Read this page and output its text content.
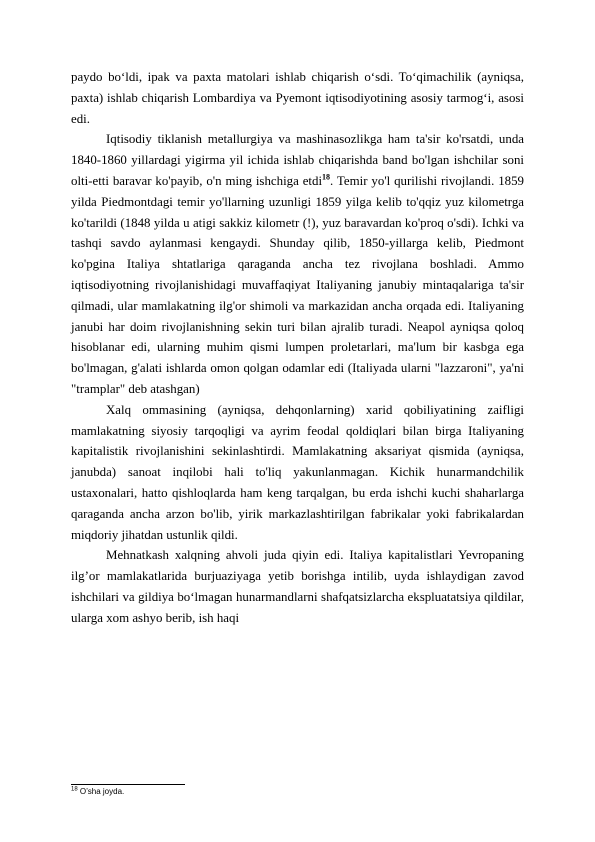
paydo boʻldi, ipak va paxta matolari ishlab chiqarish oʻsdi. Toʻqimachilik (ayniqsa, paxta) ishlab chiqarish Lombardiya va Pyemont iqtisodiyotining asosiy tarmogʻi, asosi edi.

Iqtisodiy tiklanish metallurgiya va mashinasozlikga ham ta'sir ko'rsatdi, unda 1840-1860 yillardagi yigirma yil ichida ishlab chiqarishda band bo'lgan ishchilar soni olti-etti baravar ko'payib, o'n ming ishchiga etdi$^{18}$. Temir yo'l qurilishi rivojlandi. 1859 yilda Piedmontdagi temir yo'llarning uzunligi 1859 yilga kelib to'qqiz yuz kilometrga ko'tarildi (1848 yilda u atigi sakkiz kilometr (!), yuz baravardan ko'proq o'sdi). Ichki va tashqi savdo aylanmasi kengaydi. Shunday qilib, 1850-yillarga kelib, Piedmont ko'pgina Italiya shtatlariga qaraganda ancha tez rivojlana boshladi. Ammo iqtisodiyotning rivojlanishidagi muvaffaqiyat Italiyaning janubiy mintaqalariga ta'sir qilmadi, ular mamlakatning ilg'or shimoli va markazidan ancha orqada edi. Italiyaning janubi har doim rivojlanishning sekin turi bilan ajralib turadi. Neapol ayniqsa qoloq hisoblanar edi, ularning muhim qismi lumpen proletarlari, ma'lum bir kasbga ega bo'lmagan, g'alati ishlarda omon qolgan odamlar edi (Italiyada ularni "lazzaroni", ya'ni "tramplar" deb atashgan)

Xalq ommasining (ayniqsa, dehqonlarning) xarid qobiliyatining zaifligi mamlakatning siyosiy tarqoqligi va ayrim feodal qoldiqlari bilan birga Italiyaning kapitalistik rivojlanishini sekinlashtirdi. Mamlakatning aksariyat qismida (ayniqsa, janubda) sanoat inqilobi hali to'liq yakunlanmagan. Kichik hunarmandchilik ustaxonalari, hatto qishloqlarda ham keng tarqalgan, bu erda ishchi kuchi shaharlarga qaraganda ancha arzon bo'lib, yirik markazlashtirilgan fabrikalar yoki fabrikalardan miqdoriy jihatdan ustunlik qildi.

Mehnatkash xalqning ahvoli juda qiyin edi. Italiya kapitalistlari Yevropaning ilg’or mamlakatlarida burjuaziyaga yetib borishga intilib, uyda ishlaydigan zavod ishchilari va gildiya bo‘lmagan hunarmandlarni shafqatsizlarcha ekspluatatsiya qildilar, ularga xom ashyo berib, ish haqi

$^{18}$ O’sha joyda.
